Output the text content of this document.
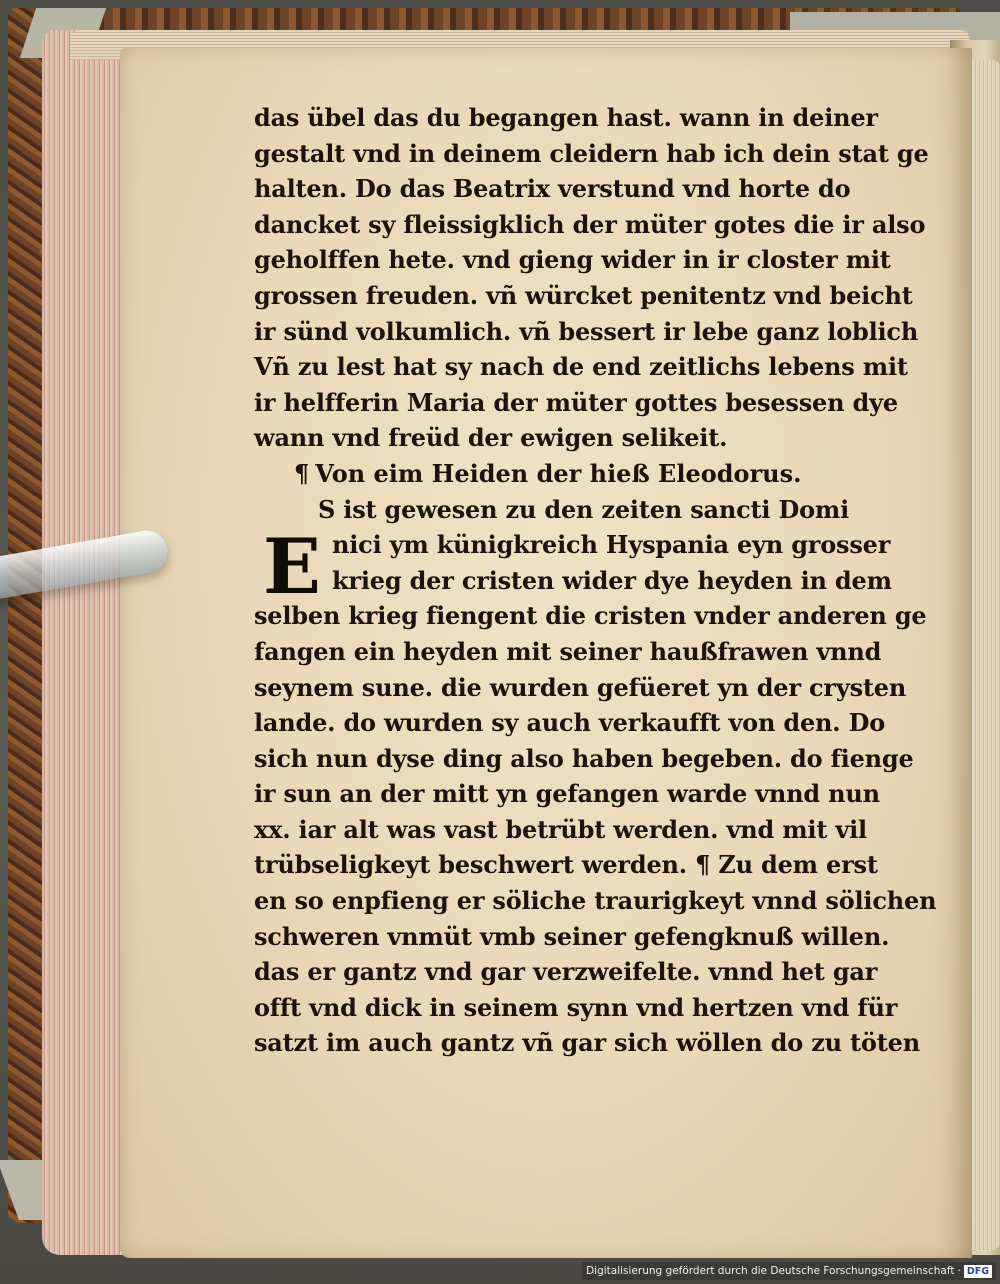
das übel das du begangen hast. wann in deiner
gestalt vnd in deinem cleidern hab ich dein stat ge
halten. Do das Beatrix verstund vnd horte do
dancket sy fleissigklich der müter gotes die ir also
geholffen hete. vnd gieng wider in ir closter mit
grossen freuden. vñ würcket penitentz vnd beicht
ir sünd volkumlich. vñ bessert ir lebe ganz loblich
Vñ zu lest hat sy nach de end zeitlichs lebens mit
ir helfferin Maria der müter gottes besessen dye
wann vnd freüd der ewigen selikeit.
¶ Von eim Heiden der hieß Eleodorus.
E
S ist gewesen zu den zeiten sancti Domi
nici ym künigkreich Hyspania eyn grosser
krieg der cristen wider dye heyden in dem
selben krieg fiengent die cristen vnder anderen ge
fangen ein heyden mit seiner haußfrawen vnnd
seynem sune. die wurden gefüeret yn der crysten
lande. do wurden sy auch verkaufft von den. Do
sich nun dyse ding also haben begeben. do fienge
ir sun an der mitt yn gefangen warde vnnd nun
xx. iar alt was vast betrübt werden. vnd mit vil
trübseligkeyt beschwert werden. ¶ Zu dem erst
en so enpfieng er söliche traurigkeyt vnnd sölichen
schweren vnmüt vmb seiner gefengknuß willen.
das er gantz vnd gar verzweifelte. vnnd het gar
offt vnd dick in seinem synn vnd hertzen vnd für
satzt im auch gantz vñ gar sich wöllen do zu töten
Digitalisierung gefördert durch die Deutsche Forschungsgemeinschaft · DFG
